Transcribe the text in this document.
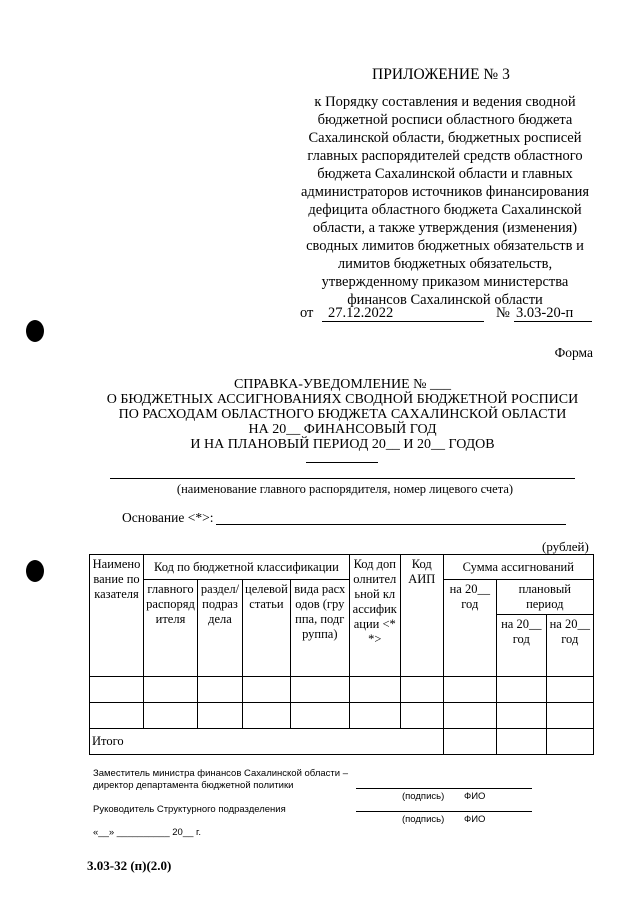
ПРИЛОЖЕНИЕ № 3
к Порядку составления и ведения сводной
бюджетной росписи областного бюджета
Сахалинской области, бюджетных росписей
главных распорядителей средств областного
бюджета Сахалинской области и главных
администраторов источников финансирования
дефицита областного бюджета Сахалинской
области, а также утверждения (изменения)
сводных лимитов бюджетных обязательств и
лимитов бюджетных обязательств,
утвержденному приказом министерства
финансов Сахалинской области
от 27.12.2022	№ 3.03-20-п
Форма
СПРАВКА-УВЕДОМЛЕНИЕ № ___
О БЮДЖЕТНЫХ АССИГНОВАНИЯХ СВОДНОЙ БЮДЖЕТНОЙ РОСПИСИ
ПО РАСХОДАМ ОБЛАСТНОГО БЮДЖЕТА САХАЛИНСКОЙ ОБЛАСТИ
НА 20__ ФИНАНСОВЫЙ ГОД
И НА ПЛАНОВЫЙ ПЕРИОД 20__ И 20__ ГОДОВ
(наименование главного распорядителя, номер лицевого счета)
Основание <*>:
(рублей)
Наименование показателя	Код по бюджетной классификации				Код дополнительной классификации <**>	Код АИП	Сумма ассигнований		
	главного распорядителя	раздел/подраздела	целевой статьи	вида расходов (группа, подгруппа)			на 20__ год	плановый период	
								на 20__ год	на 20__ год

Итого									
Заместитель министра финансов Сахалинской области –
директор департамента бюджетной политики
(подпись) ФИО
Руководитель Структурного подразделения
(подпись) ФИО
«__» __________ 20__ г.
3.03-32 (п)(2.0)
